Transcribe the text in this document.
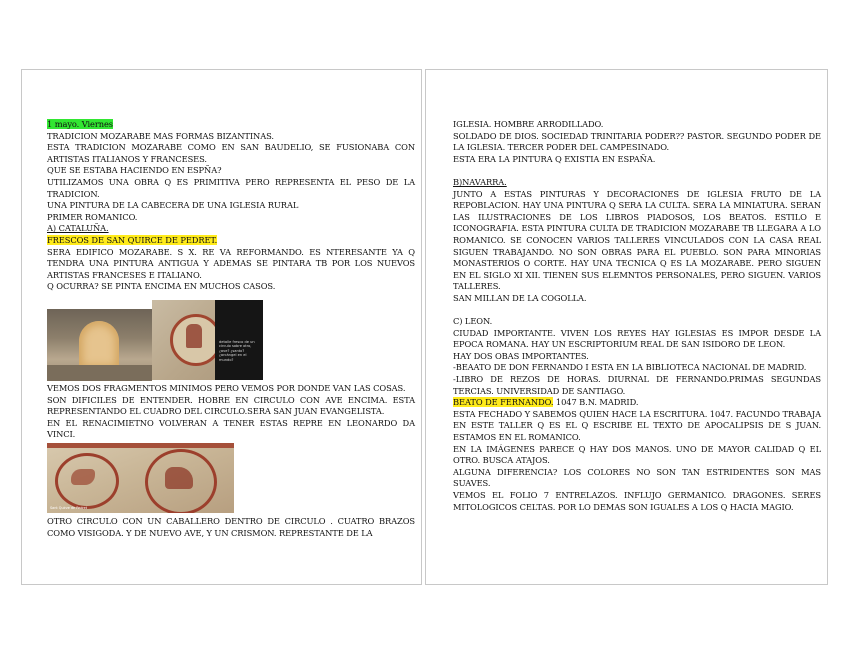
1 mayo. Viernes

TRADICION MOZARABE MAS FORMAS BIZANTINAS.

ESTA TRADICION MOZARABE COMO EN SAN BAUDELIO, SE FUSIONABA CON ARTISTAS ITALIANOS Y FRANCESES.

QUE SE ESTABA HACIENDO EN ESPÑA?

UTILIZAMOS UNA OBRA Q ES PRIMITIVA PERO REPRESENTA EL PESO DE LA TRADICION.

UNA PINTURA DE LA CABECERA DE UNA IGLESIA RURAL

PRIMER ROMANICO.

A) CATALUÑA.

FRESCOS DE SAN QUIRCE DE PEDRET.

SERA EDIFICO MOZARABE. S X. RE VA REFORMANDO. ES NTERESANTE YA Q TENDRA UNA PINTURA ANTIGUA Y ADEMAS SE PINTARA TB POR LOS NUEVOS ARTISTAS FRANCESES E ITALIANO.

Q OCURRA? SE PINTA ENCIMA EN MUCHOS CASOS.

detalle fresco de un circulo sobre otro, ¿ave? ¿santo? ¿arcángel en el mundo?

VEMOS DOS FRAGMENTOS MINIMOS PERO VEMOS POR DONDE VAN LAS COSAS.

SON DIFICILES DE ENTENDER. HOBRE EN CIRCULO CON AVE ENCIMA. ESTA REPRESENTANDO EL CUADRO DEL CIRCULO.SERA SAN JUAN EVANGELISTA.

EN EL RENACIMIETNO VOLVERAN A TENER ESTAS REPRE EN LEONARDO DA VINCI.

Sant Quirze de Pedret

OTRO CIRCULO CON UN CABALLERO DENTRO DE CIRCULO . CUATRO BRAZOS COMO VISIGODA. Y DE NUEVO AVE, Y UN CRISMON. REPRESTANTE DE LA

IGLESIA. HOMBRE ARRODILLADO.

SOLDADO DE DIOS. SOCIEDAD TRINITARIA PODER?? PASTOR. SEGUNDO PODER DE LA IGLESIA. TERCER PODER DEL CAMPESINADO.

ESTA ERA LA PINTURA Q EXISTIA EN ESPAÑA.

B)NAVARRA.

JUNTO A ESTAS PINTURAS Y DECORACIONES DE IGLESIA FRUTO DE LA REPOBLACION. HAY UNA PINTURA Q SERA LA CULTA. SERA LA MINIATURA. SERAN LAS ILUSTRACIONES DE LOS LIBROS PIADOSOS, LOS BEATOS. ESTILO E ICONOGRAFIA. ESTA PINTURA CULTA DE TRADICION MOZARABE TB LLEGARA A LO ROMANICO. SE CONOCEN VARIOS TALLERES VINCULADOS CON LA CASA REAL SIGUEN TRABAJANDO. NO SON OBRAS PARA EL PUEBLO. SON PARA MINORIAS MONASTERIOS O CORTE. HAY UNA TECNICA Q ES LA MOZARABE. PERO SIGUEN EN EL SIGLO XI XII. TIENEN SUS ELEMNTOS PERSONALES, PERO SIGUEN. VARIOS TALLERES.

SAN MILLAN DE LA COGOLLA.

C) LEON.

CIUDAD IMPORTANTE. VIVEN LOS REYES HAY IGLESIAS ES IMPOR DESDE LA EPOCA ROMANA. HAY UN ESCRIPTORIUM REAL DE SAN ISIDORO DE LEON.

HAY DOS OBAS IMPORTANTES.

-BEAATO DE DON FERNANDO I ESTA EN LA BIBLIOTECA NACIONAL DE MADRID.

-LIBRO DE REZOS DE HORAS. DIURNAL DE FERNANDO.PRIMAS SEGUNDAS TERCIAS. UNIVERSIDAD DE SANTIAGO.

BEATO DE FERNANDO. 1047 B.N. MADRID.

ESTA FECHADO Y SABEMOS QUIEN HACE LA ESCRITURA. 1047. FACUNDO TRABAJA EN ESTE TALLER Q ES EL Q ESCRIBE EL TEXTO DE APOCALIPSIS DE S JUAN. ESTAMOS EN EL ROMANICO.

EN LA IMÁGENES PARECE Q HAY DOS MANOS. UNO DE MAYOR CALIDAD Q EL OTRO. BUSCA ATAJOS.

ALGUNA DIFERENCIA? LOS COLORES NO SON TAN ESTRIDENTES SON MAS SUAVES.

VEMOS EL FOLIO 7 ENTRELAZOS. INFLUJO GERMANICO. DRAGONES. SERES MITOLOGICOS CELTAS. POR LO DEMAS SON IGUALES A LOS Q HACIA MAGIO.
